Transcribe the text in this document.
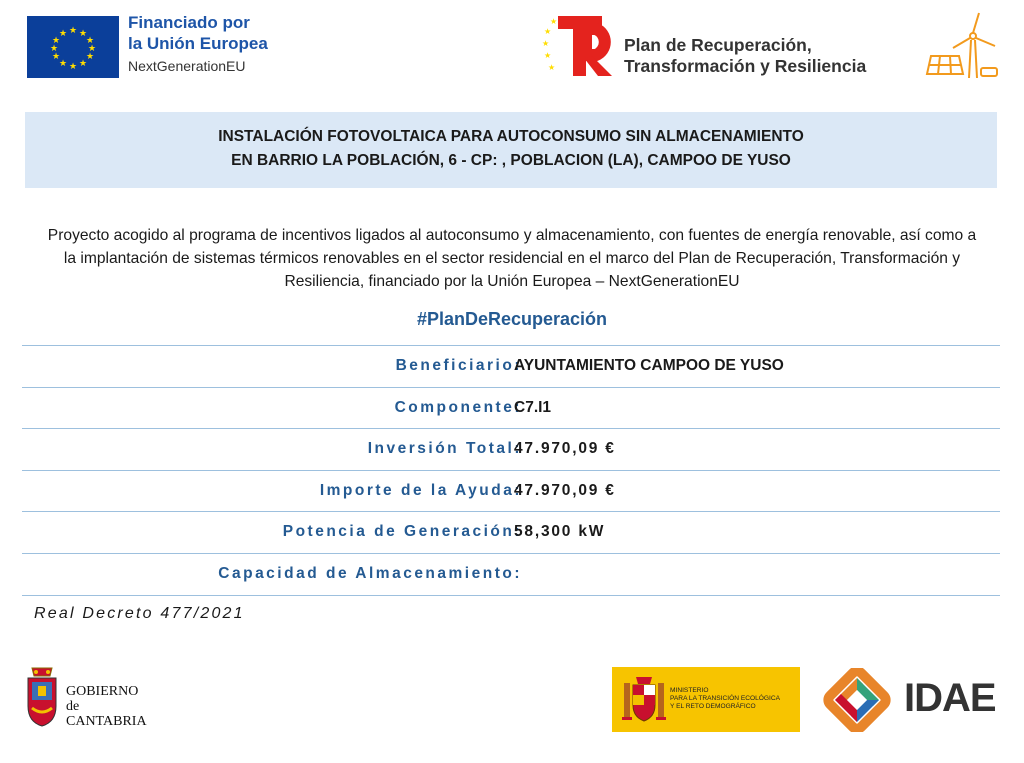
★ ★
★
★
★
★
★
★
★
★
★
★
Financiado por
la Unión Europea
NextGenerationEU
★
★
★
★
★
Plan de Recuperación,
Transformación y Resiliencia
INSTALACIÓN FOTOVOLTAICA PARA AUTOCONSUMO SIN ALMACENAMIENTO
EN BARRIO LA POBLACIÓN, 6 - CP: , POBLACION (LA), CAMPOO DE YUSO
Proyecto acogido al programa de incentivos ligados al autoconsumo y almacenamiento, con fuentes de energía renovable, así como a la implantación de sistemas térmicos renovables en el sector residencial en el marco del Plan de Recuperación, Transformación y Resiliencia, financiado por la Unión Europea – NextGenerationEU
#PlanDeRecuperación
Beneficiario:
AYUNTAMIENTO CAMPOO DE YUSO
Componente:
C7.I1
Inversión Total:
47.970,09 €
Importe de la Ayuda:
47.970,09 €
Potencia de Generación:
58,300 kW
Capacidad de Almacenamiento:
Real Decreto 477/2021
GOBIERNO
de
CANTABRIA
MINISTERIO
PARA LA TRANSICIÓN ECOLÓGICA
Y EL RETO DEMOGRÁFICO	IDAE
